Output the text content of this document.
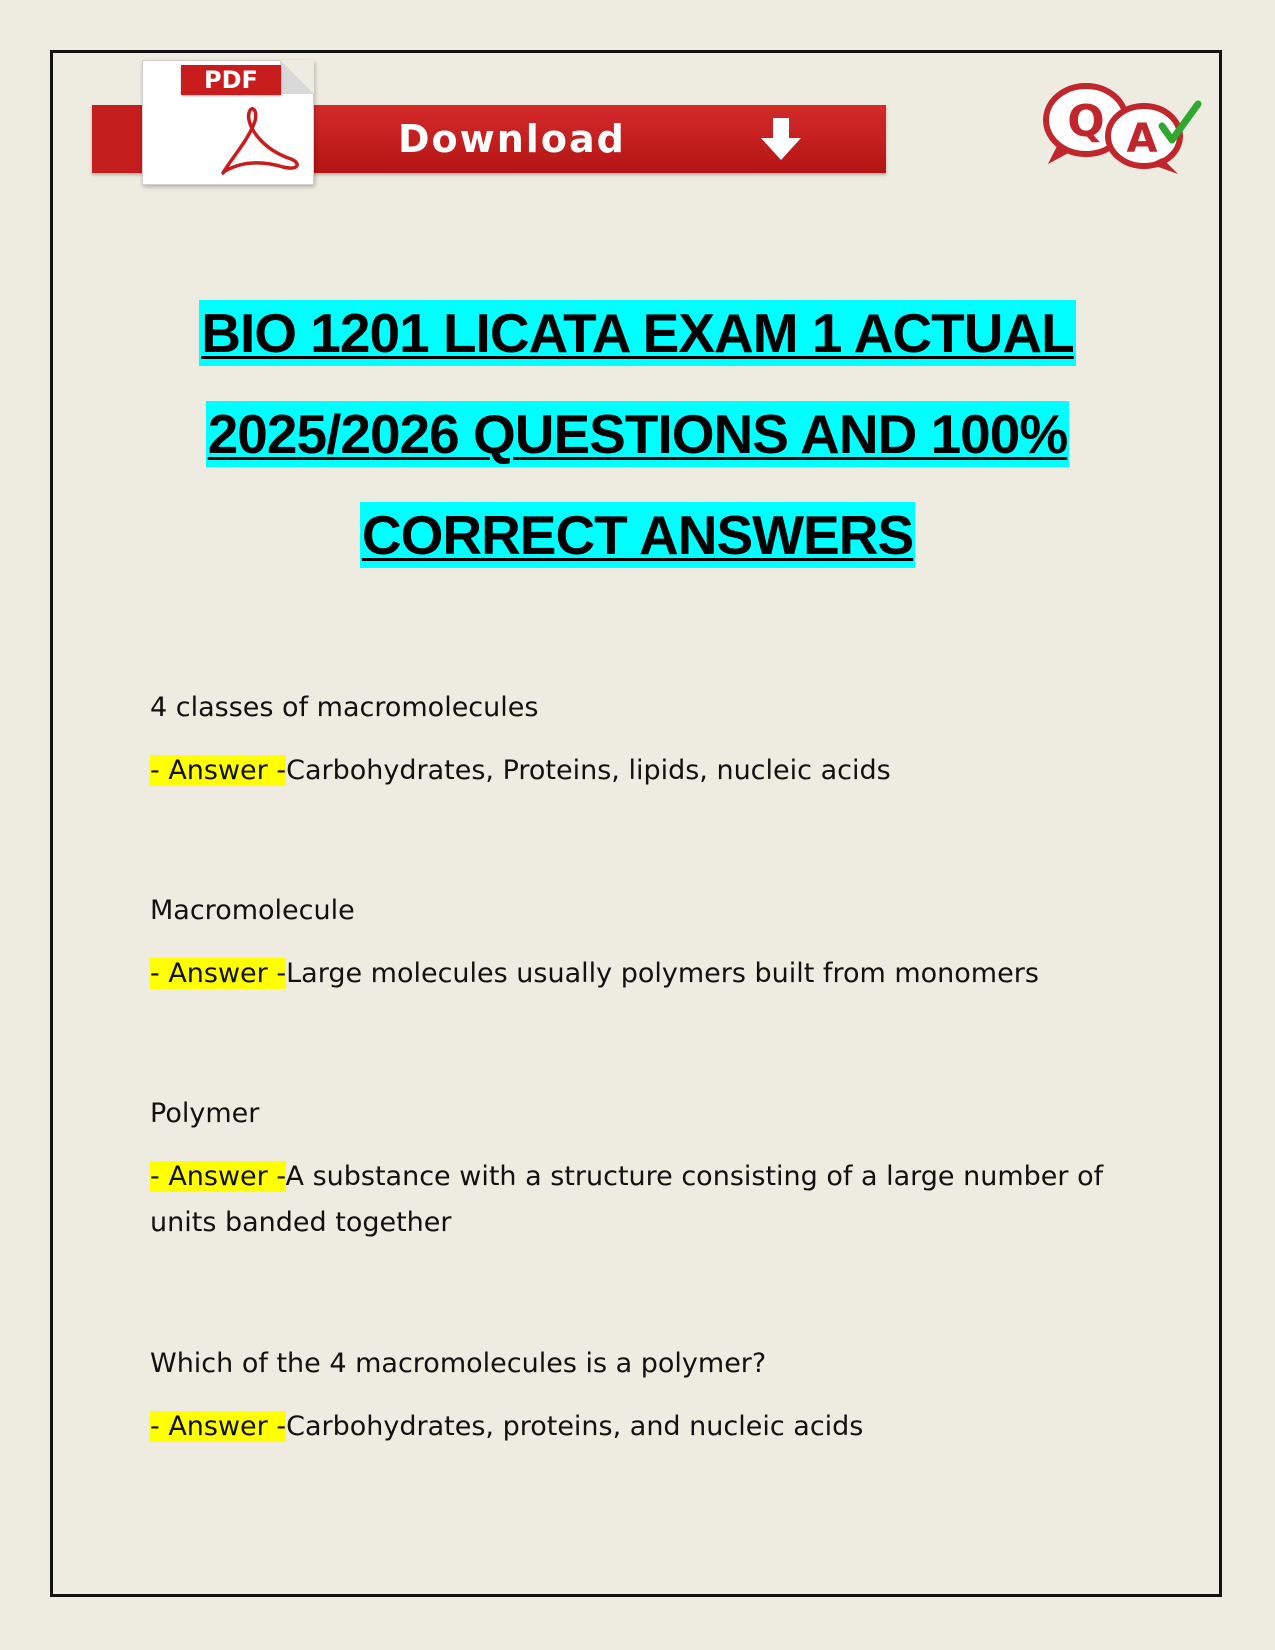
PDF
Download	Q A
BIO 1201 LICATA EXAM 1 ACTUAL
2025/2026 QUESTIONS AND 100%
CORRECT ANSWERS

4 classes of macromolecules

- Answer -Carbohydrates, Proteins, lipids, nucleic acids

Macromolecule

- Answer -Large molecules usually polymers built from monomers

Polymer

- Answer -A substance with a structure consisting of a large number of units banded together

Which of the 4 macromolecules is a polymer?

- Answer -Carbohydrates, proteins, and nucleic acids
